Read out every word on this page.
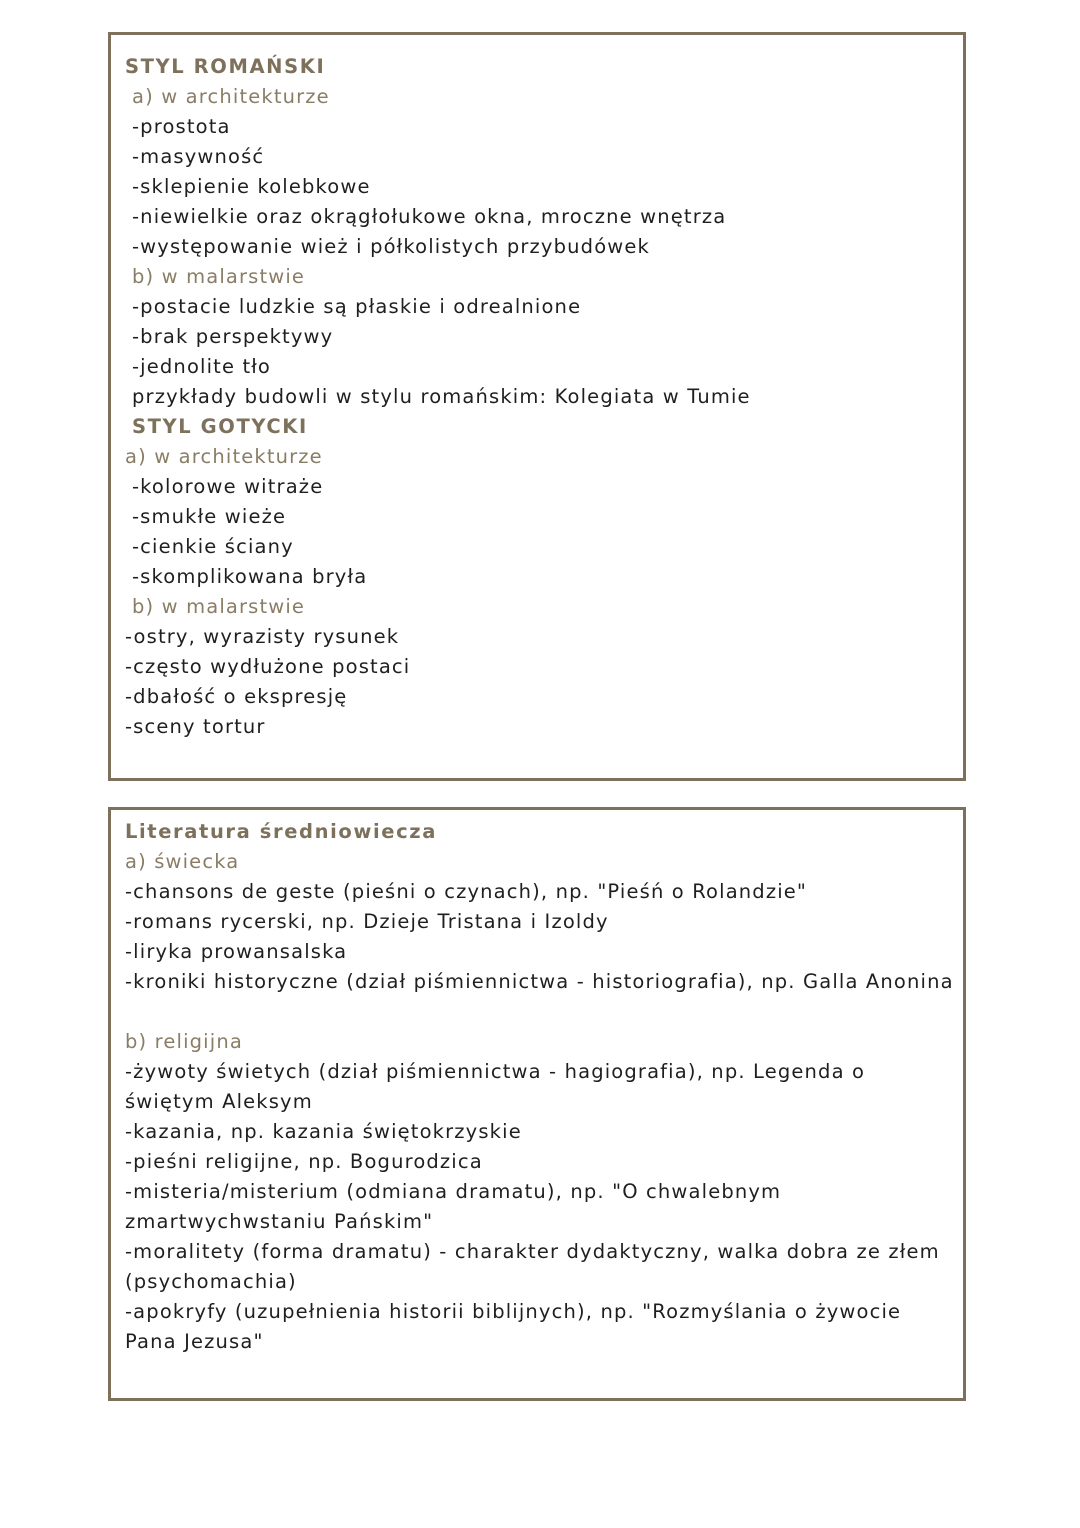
STYL ROMAŃSKI
a) w architekturze
-prostota
-masywność
-sklepienie kolebkowe
-niewielkie oraz okrągłołukowe okna, mroczne wnętrza
-występowanie wież i półkolistych przybudówek
b) w malarstwie
-postacie ludzkie są płaskie i odrealnione
-brak perspektywy
-jednolite tło
przykłady budowli w stylu romańskim: Kolegiata w Tumie
STYL GOTYCKI
a) w architekturze
-kolorowe witraże
-smukłe wieże
-cienkie ściany
-skomplikowana bryła
b) w malarstwie
-ostry, wyrazisty rysunek
-często wydłużone postaci
-dbałość o ekspresję
-sceny tortur
Literatura średniowiecza
a) świecka
-chansons de geste (pieśni o czynach), np. "Pieśń o Rolandzie"
-romans rycerski, np. Dzieje Tristana i Izoldy
-liryka prowansalska
-kroniki historyczne (dział piśmiennictwa - historiografia), np. Galla Anonina
b) religijna
-żywoty świetych (dział piśmiennictwa - hagiografia), np. Legenda o świętym Aleksym
-kazania, np. kazania świętokrzyskie
-pieśni religijne, np. Bogurodzica
-misteria/misterium (odmiana dramatu), np. "O chwalebnym zmartwychwstaniu Pańskim"
-moralitety (forma dramatu) - charakter dydaktyczny, walka dobra ze złem (psychomachia)
-apokryfy (uzupełnienia historii biblijnych), np. "Rozmyślania o żywocie Pana Jezusa"
